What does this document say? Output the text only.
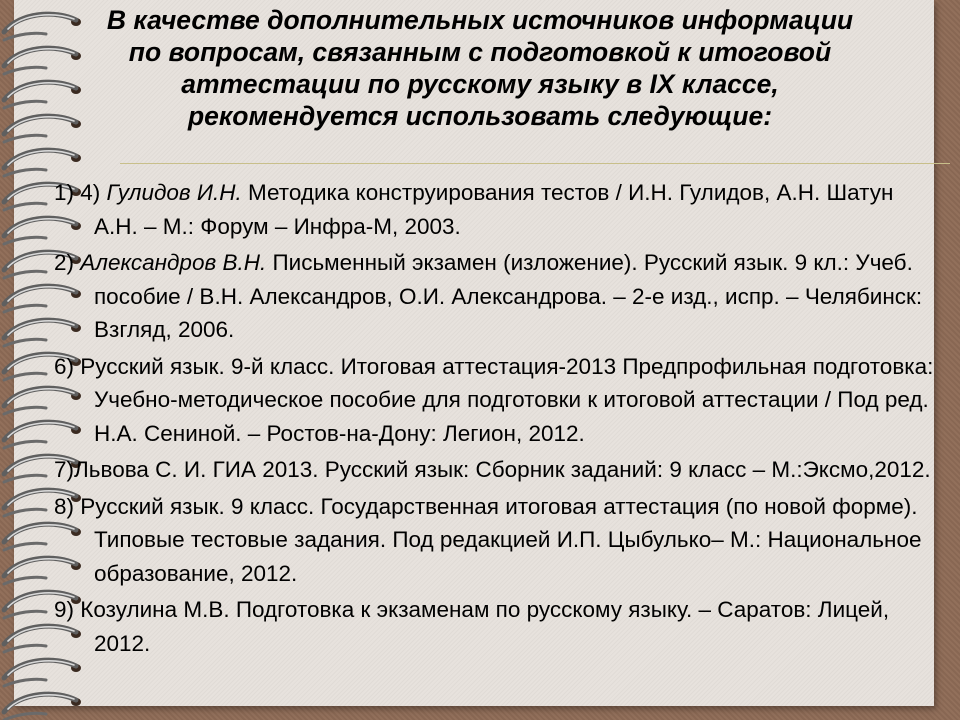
В качестве дополнительных источников информации по вопросам, связанным с подготовкой к итоговой аттестации по русскому языку в IX классе, рекомендуется использовать следующие:
1) 4) Гулидов И.Н. Методика конструирования тестов / И.Н. Гулидов, А.Н. Шатун А.Н. – М.: Форум – Инфра-М, 2003.
2) Александров В.Н. Письменный экзамен (изложение). Русский язык. 9 кл.: Учеб. пособие / В.Н. Александров, О.И. Александрова. – 2-е изд., испр. – Челябинск: Взгляд, 2006.
6) Русский язык. 9-й класс. Итоговая аттестация-2013 Предпрофильная подготовка: Учебно-методическое пособие для подготовки к итоговой аттестации / Под ред. Н.А. Сениной. – Ростов-на-Дону: Легион, 2012.
7)Львова С. И. ГИА 2013. Русский язык: Сборник заданий: 9 класс – М.:Эксмо,2012.
8) Русский язык. 9 класс. Государственная итоговая аттестация (по новой форме). Типовые тестовые задания. Под редакцией И.П. Цыбулько– М.: Национальное образование, 2012.
9) Козулина М.В. Подготовка к экзаменам по русскому языку. – Саратов: Лицей, 2012.
